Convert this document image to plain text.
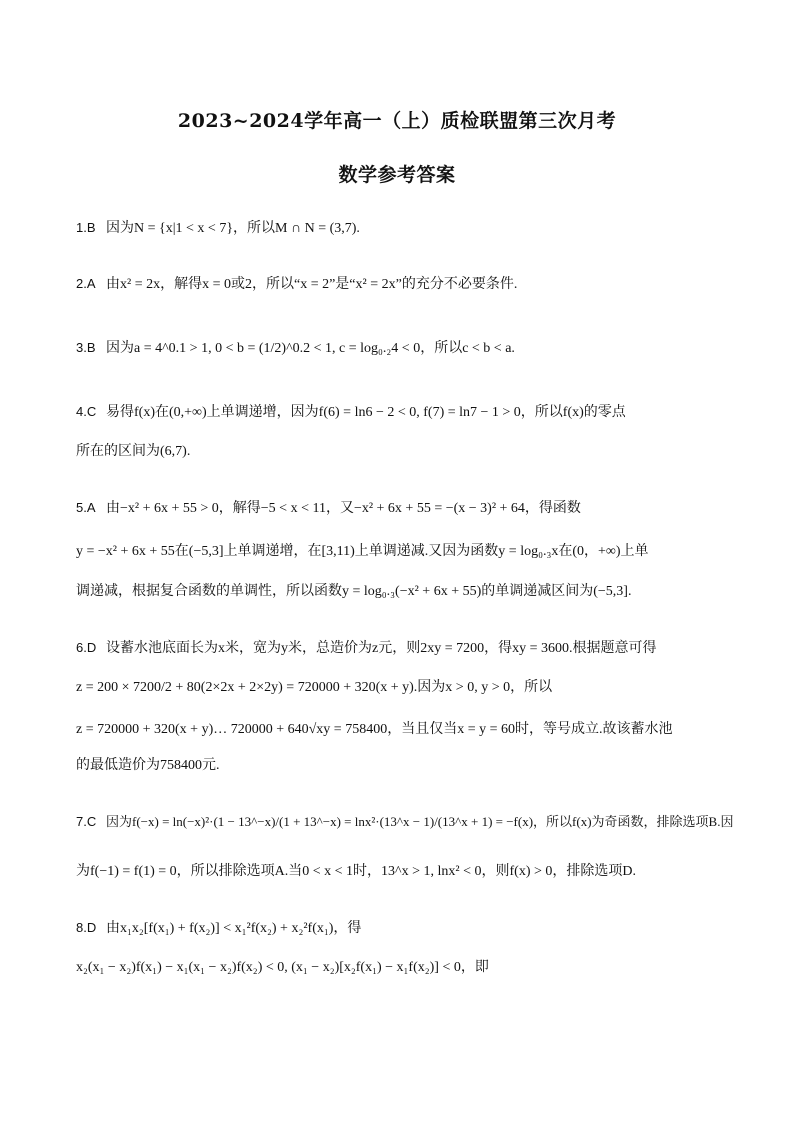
2023~2024学年高一（上）质检联盟第三次月考
数学参考答案
1.B 因为N = {x|1 < x < 7}，所以M ∩ N = (3,7).
2.A 由x² = 2x，解得x = 0或2，所以“x = 2”是“x² = 2x”的充分不必要条件.
3.B 因为a = 4^0.1 > 1, 0 < b = (1/2)^0.2 < 1, c = log₀.₂4 < 0，所以c < b < a.
4.C 易得f(x)在(0,+∞)上单调递增，因为f(6) = ln6 − 2 < 0, f(7) = ln7 − 1 > 0，所以f(x)的零点
所在的区间为(6,7).
5.A 由−x² + 6x + 55 > 0，解得−5 < x < 11，又−x² + 6x + 55 = −(x − 3)² + 64，得函数
y = −x² + 6x + 55在(−5,3]上单调递增，在[3,11)上单调递减.又因为函数y = log₀.₃x在(0，+∞)上单
调递减，根据复合函数的单调性，所以函数y = log₀.₃(−x² + 6x + 55)的单调递减区间为(−5,3].
6.D 设蓄水池底面长为x米，宽为y米，总造价为z元，则2xy = 7200，得xy = 3600.根据题意可得
z = 200 × 7200/2 + 80(2×2x + 2×2y) = 720000 + 320(x + y).因为x > 0, y > 0，所以
z = 720000 + 320(x + y)… 720000 + 640√xy = 758400，当且仅当x = y = 60时，等号成立.故该蓄水池
的最低造价为758400元.
7.C 因为f(−x) = ln(−x)²·(1 − 13^−x)/(1 + 13^−x) = lnx²·(13^x − 1)/(13^x + 1) = −f(x)，所以f(x)为奇函数，排除选项B.因
为f(−1) = f(1) = 0，所以排除选项A.当0 < x < 1时，13^x > 1, lnx² < 0，则f(x) > 0，排除选项D.
8.D 由x₁x₂[f(x₁) + f(x₂)] < x₁²f(x₂) + x₂²f(x₁)，得
x₂(x₁ − x₂)f(x₁) − x₁(x₁ − x₂)f(x₂) < 0, (x₁ − x₂)[x₂f(x₁) − x₁f(x₂)] < 0，即
